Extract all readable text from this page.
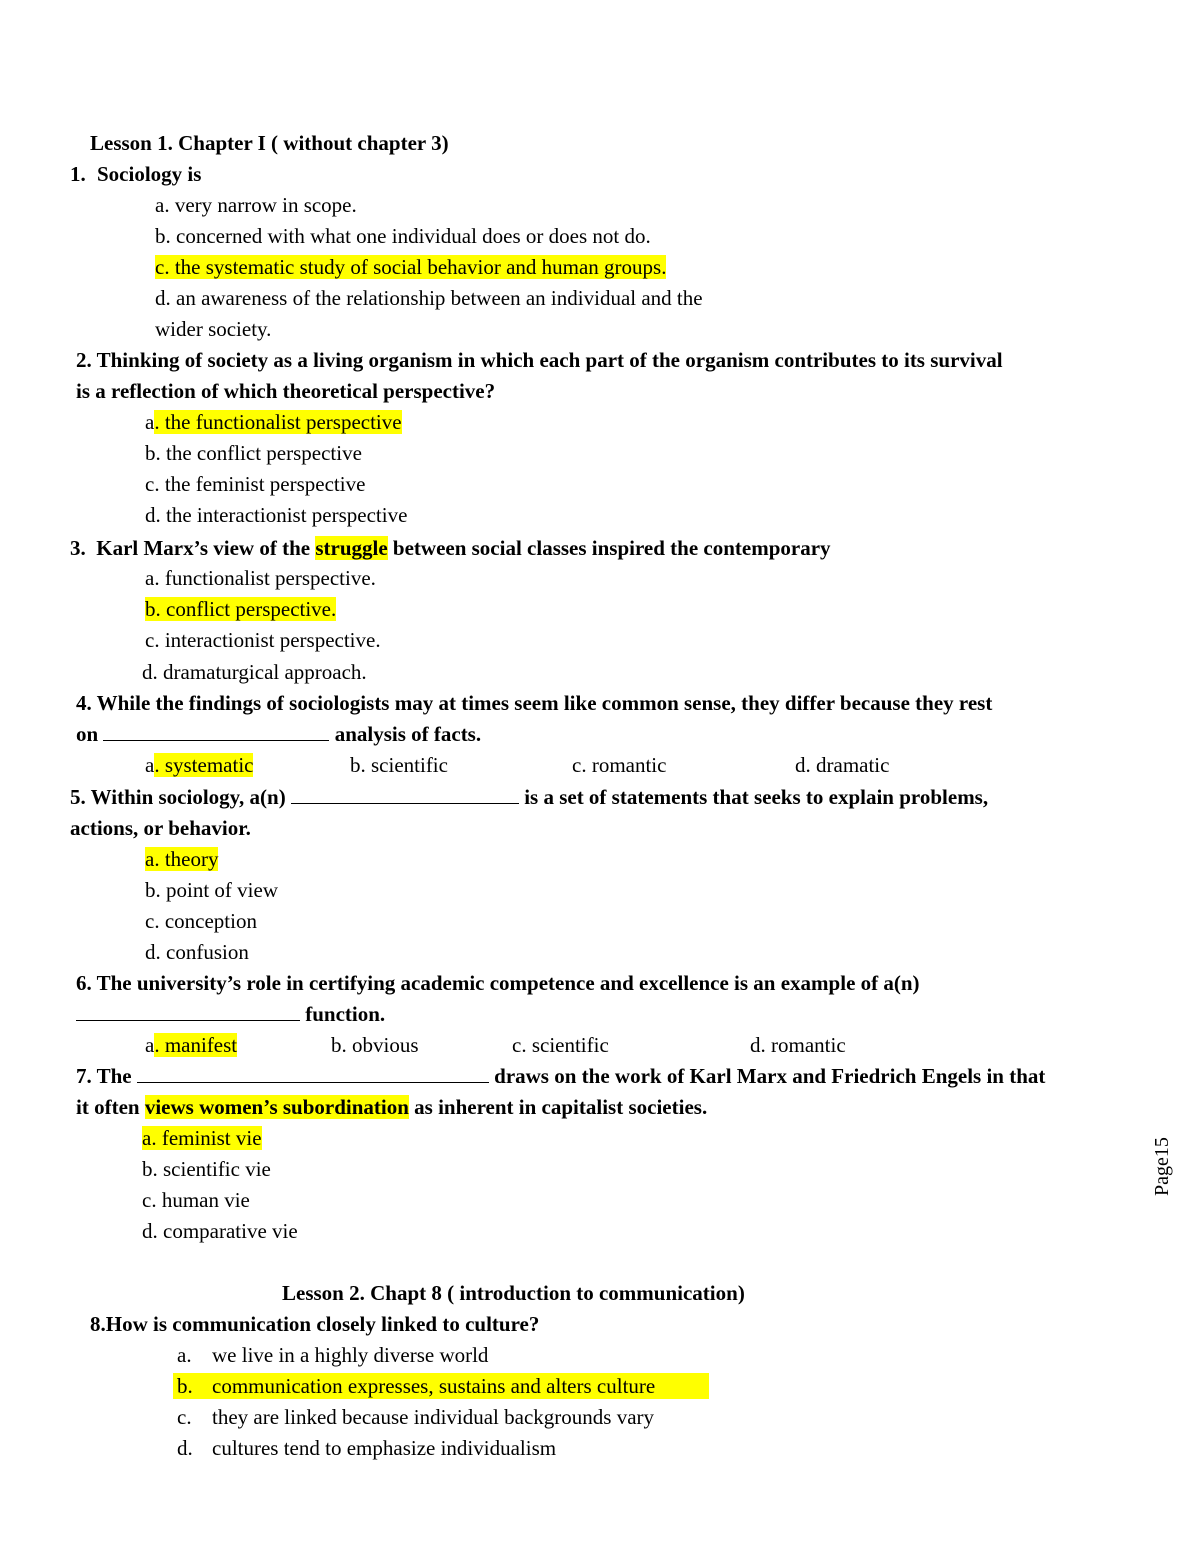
Lesson 1. Chapter I ( without chapter 3)
1. Sociology is
a. very narrow in scope.
b. concerned with what one individual does or does not do.
c. the systematic study of social behavior and human groups.
d. an awareness of the relationship between an individual and the
wider society.
2. Thinking of society as a living organism in which each part of the organism contributes to its survival
is a reflection of which theoretical perspective?
a. the functionalist perspective
b. the conflict perspective
c. the feminist perspective
d. the interactionist perspective
3.  Karl Marx’s view of the struggle between social classes inspired the contemporary
a. functionalist perspective.
b. conflict perspective.
c. interactionist perspective.
d. dramaturgical approach.
4. While the findings of sociologists may at times seem like common sense, they differ because they rest
on	analysis of facts.
a. systematic	b. scientific	c. romantic	d. dramatic
5. Within sociology, a(n)	is a set of statements that seeks to explain problems,
actions, or behavior.
a. theory
b. point of view
c. conception
d. confusion
6. The university’s role in certifying academic competence and excellence is an example of a(n)
function.
a. manifest	b. obvious	c. scientific	d. romantic
7. The	draws on the work of Karl Marx and Friedrich Engels in that
it often views women’s subordination as inherent in capitalist societies.
a. feminist vie
b. scientific vie
c. human vie
d. comparative vie
Lesson 2. Chapt 8 ( introduction to communication)
8.How is communication closely linked to culture?
a. we live in a highly diverse world
b. communication expresses, sustains and alters culture
c. they are linked because individual backgrounds vary
d. cultures tend to emphasize individualism
Page15
